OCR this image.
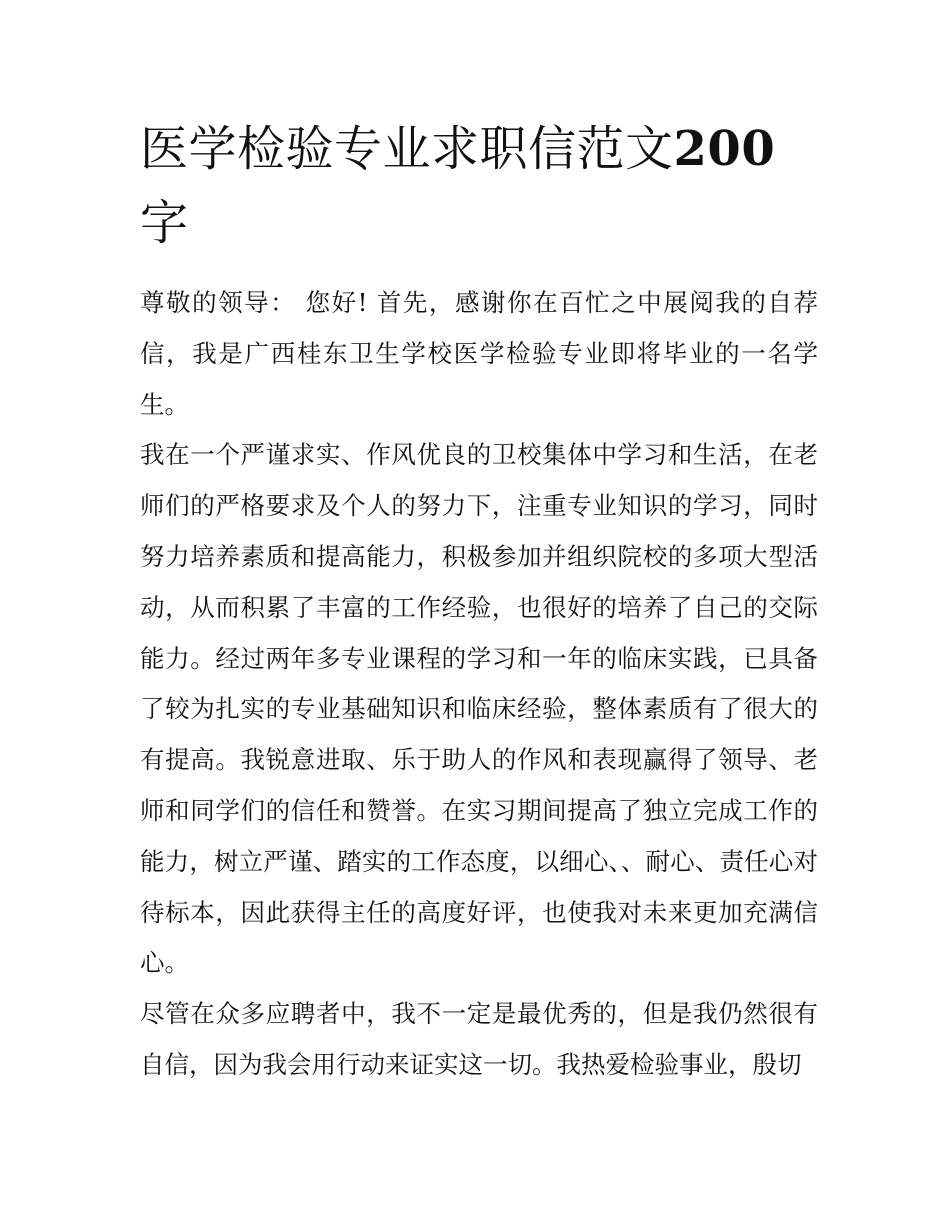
医学检验专业求职信范文200
字

尊敬的领导： 您好! 首先，感谢你在百忙之中展阅我的自荐信，我是广西桂东卫生学校医学检验专业即将毕业的一名学生。

我在一个严谨求实、作风优良的卫校集体中学习和生活，在老师们的严格要求及个人的努力下，注重专业知识的学习，同时努力培养素质和提高能力，积极参加并组织院校的多项大型活动，从而积累了丰富的工作经验，也很好的培养了自己的交际能力。经过两年多专业课程的学习和一年的临床实践，已具备了较为扎实的专业基础知识和临床经验，整体素质有了很大的有提高。我锐意进取、乐于助人的作风和表现赢得了领导、老师和同学们的信任和赞誉。在实习期间提高了独立完成工作的能力，树立严谨、踏实的工作态度，以细心、、耐心、责任心对待标本，因此获得主任的高度好评，也使我对未来更加充满信心。

尽管在众多应聘者中，我不一定是最优秀的，但是我仍然很有自信，因为我会用行动来证实这一切。我热爱检验事业，殷切
